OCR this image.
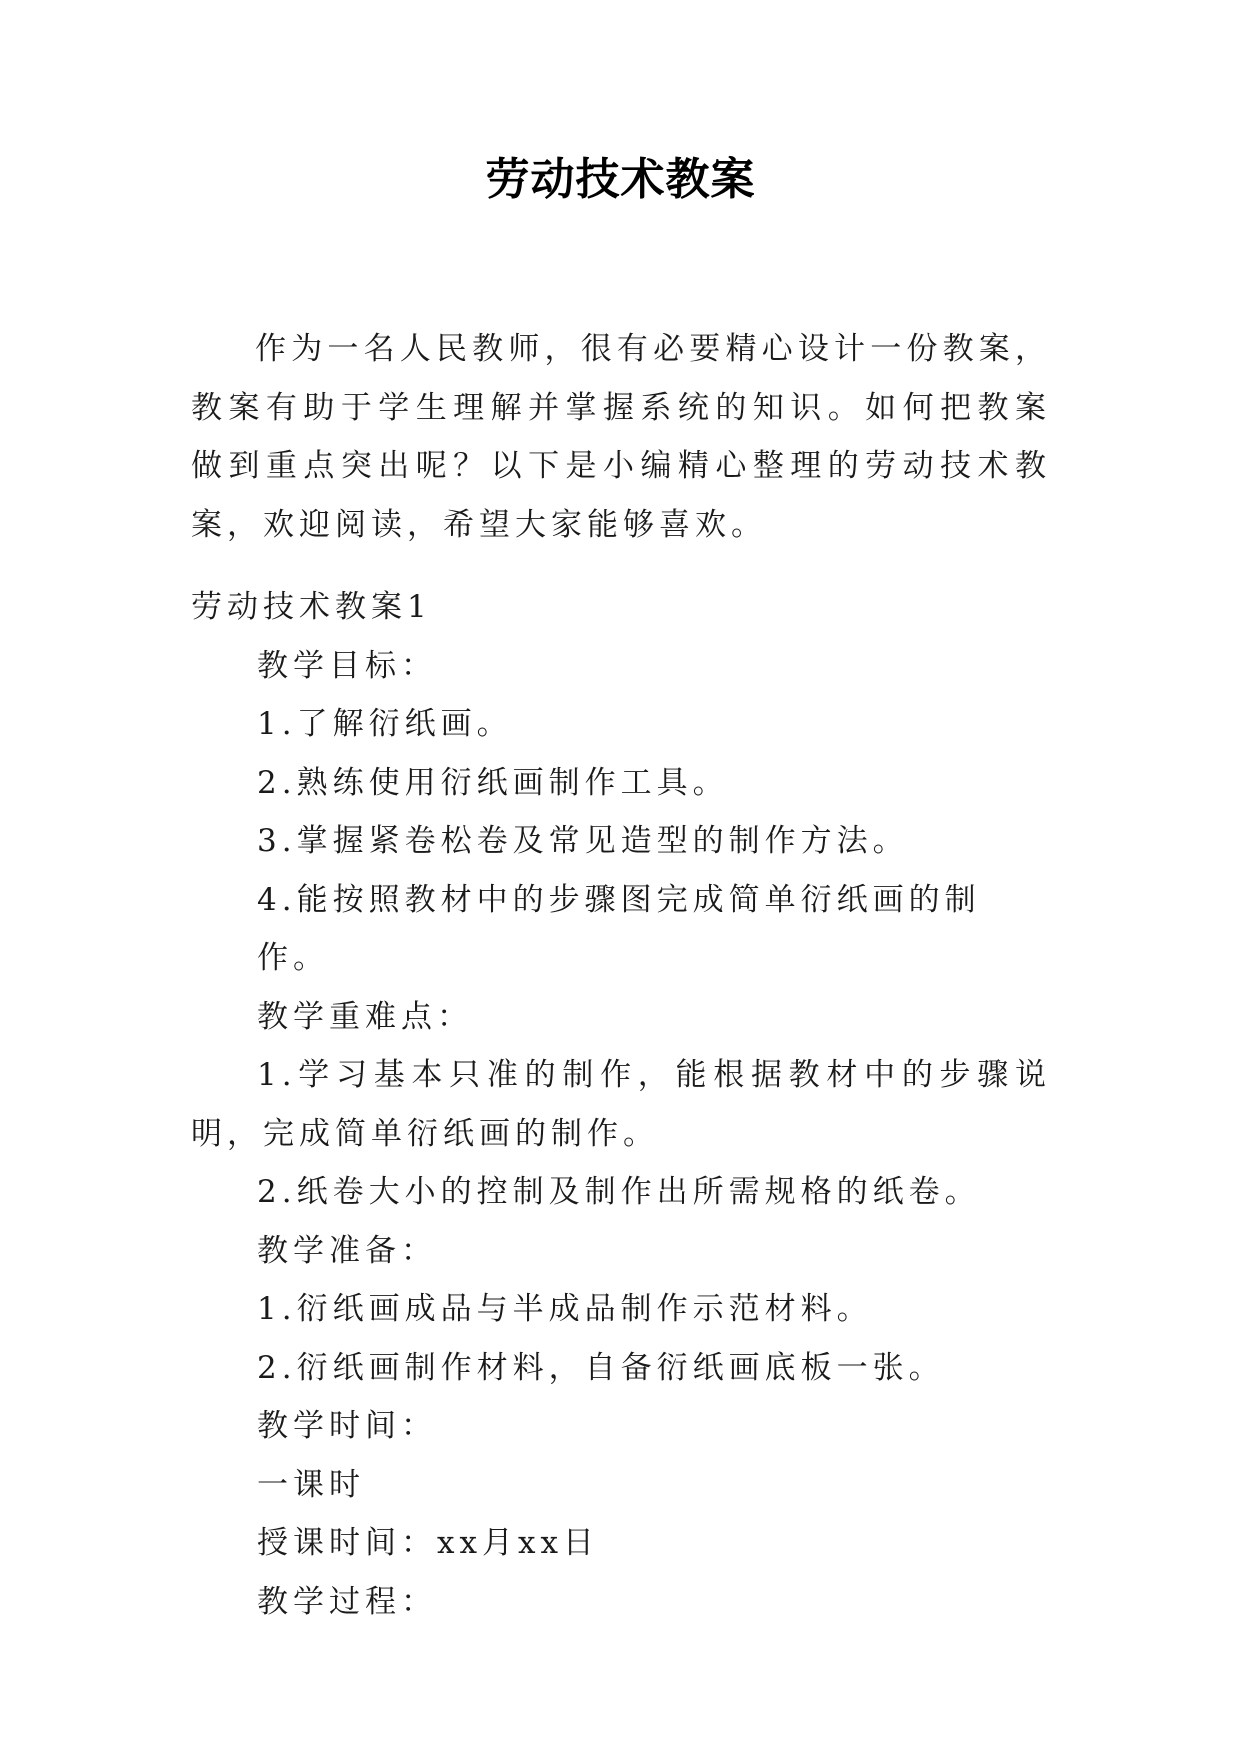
劳动技术教案

作为一名人民教师，很有必要精心设计一份教案，教案有助于学生理解并掌握系统的知识。如何把教案做到重点突出呢？以下是小编精心整理的劳动技术教案，欢迎阅读，希望大家能够喜欢。

劳动技术教案1

教学目标：

1.了解衍纸画。

2.熟练使用衍纸画制作工具。

3.掌握紧卷松卷及常见造型的制作方法。

4.能按照教材中的步骤图完成简单衍纸画的制作。

教学重难点：

1.学习基本只准的制作，能根据教材中的步骤说明，完成简单衍纸画的制作。

2.纸卷大小的控制及制作出所需规格的纸卷。

教学准备：

1.衍纸画成品与半成品制作示范材料。

2.衍纸画制作材料，自备衍纸画底板一张。

教学时间：

一课时

授课时间：xx月xx日

教学过程：
